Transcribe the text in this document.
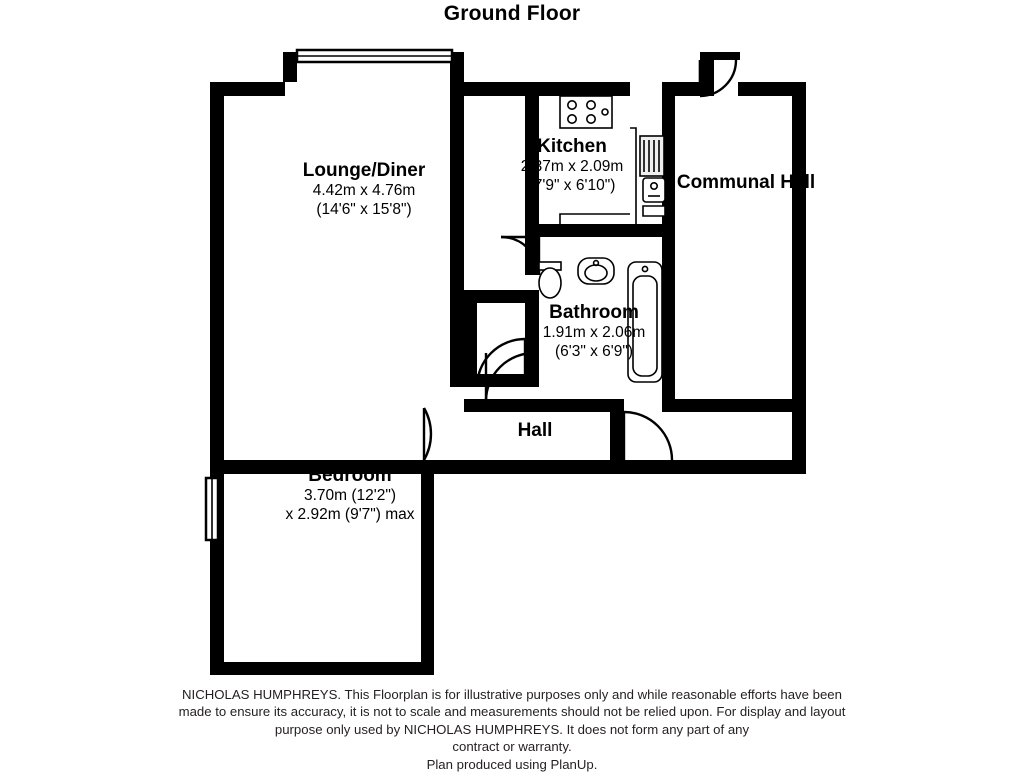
Ground Floor
Lounge/Diner
4.42m x 4.76m
(14'6" x 15'8")
Kitchen
2.37m x 2.09m
(7'9" x 6'10")	Communal Hall
Bathroom
1.91m x 2.06m
(6'3" x 6'9")
Hall
Bedroom
3.70m (12'2")
x 2.92m (9'7") max
NICHOLAS HUMPHREYS. This Floorplan is for illustrative purposes only and while reasonable efforts have been
made to ensure its accuracy, it is not to scale and measurements should not be relied upon. For display and layout
purpose only used by NICHOLAS HUMPHREYS. It does not form any part of any
contract or warranty.
Plan produced using PlanUp.
